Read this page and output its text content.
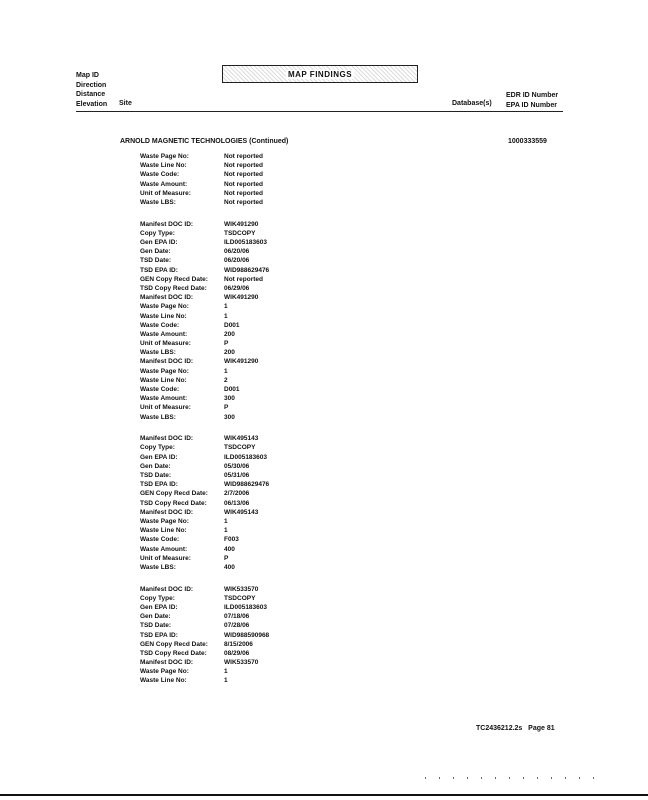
Map ID
Direction
Distance
Elevation
MAP FINDINGS
Site	Database(s)
EDR ID Number
EPA ID Number
ARNOLD MAGNETIC TECHNOLOGIES (Continued)	1000333559
Waste Page No:	Not reported
Waste Line No:	Not reported
Waste Code:	Not reported
Waste Amount:	Not reported
Unit of Measure:	Not reported
Waste LBS:	Not reported
Manifest DOC ID:	WIK491290
Copy Type:	TSDCOPY
Gen EPA ID:	ILD005183603
Gen Date:	06/20/06
TSD Date:	06/20/06
TSD EPA ID:	WID988629476
GEN Copy Recd Date:	Not reported
TSD Copy Recd Date:	06/29/06
Manifest DOC ID:	WIK491290
Waste Page No:	1
Waste Line No:	1
Waste Code:	D001
Waste Amount:	200
Unit of Measure:	P
Waste LBS:	200
Manifest DOC ID:	WIK491290
Waste Page No:	1
Waste Line No:	2
Waste Code:	D001
Waste Amount:	300
Unit of Measure:	P
Waste LBS:	300
Manifest DOC ID:	WIK495143
Copy Type:	TSDCOPY
Gen EPA ID:	ILD005183603
Gen Date:	05/30/06
TSD Date:	05/31/06
TSD EPA ID:	WID988629476
GEN Copy Recd Date:	2/7/2006
TSD Copy Recd Date:	06/13/06
Manifest DOC ID:	WIK495143
Waste Page No:	1
Waste Line No:	1
Waste Code:	F003
Waste Amount:	400
Unit of Measure:	P
Waste LBS:	400
Manifest DOC ID:	WIK533570
Copy Type:	TSDCOPY
Gen EPA ID:	ILD005183603
Gen Date:	07/18/06
TSD Date:	07/28/06
TSD EPA ID:	WID988590968
GEN Copy Recd Date:	8/15/2006
TSD Copy Recd Date:	08/29/06
Manifest DOC ID:	WIK533570
Waste Page No:	1
Waste Line No:	1
TC2436212.2s Page 81
